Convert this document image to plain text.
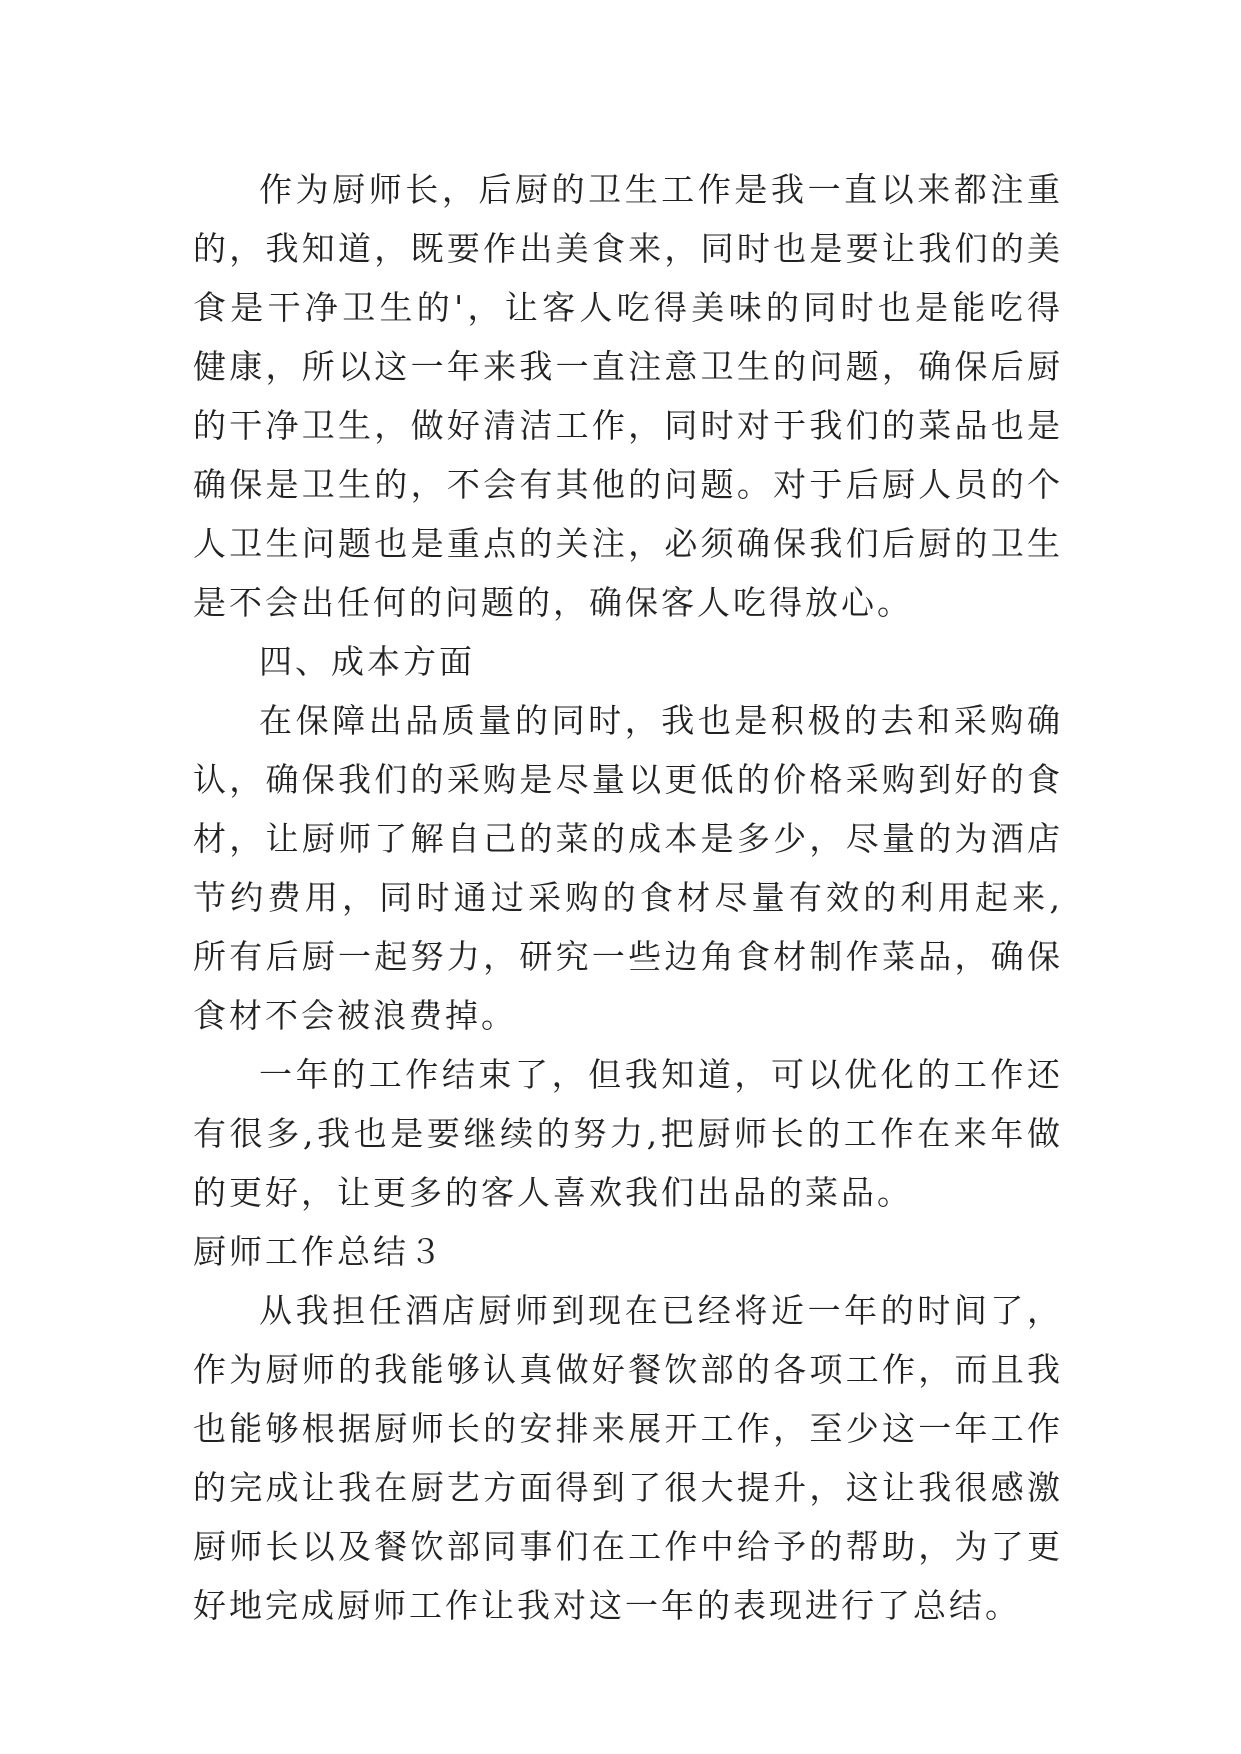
作为厨师长，后厨的卫生工作是我一直以来都注重的，我知道，既要作出美食来，同时也是要让我们的美食是干净卫生的'，让客人吃得美味的同时也是能吃得健康，所以这一年来我一直注意卫生的问题，确保后厨的干净卫生，做好清洁工作，同时对于我们的菜品也是确保是卫生的，不会有其他的问题。对于后厨人员的个人卫生问题也是重点的关注，必须确保我们后厨的卫生是不会出任何的问题的，确保客人吃得放心。

四、成本方面

在保障出品质量的同时，我也是积极的去和采购确认，确保我们的采购是尽量以更低的价格采购到好的食材，让厨师了解自己的菜的成本是多少，尽量的为酒店节约费用，同时通过采购的食材尽量有效的利用起来,所有后厨一起努力，研究一些边角食材制作菜品，确保食材不会被浪费掉。

一年的工作结束了，但我知道，可以优化的工作还有很多,我也是要继续的努力,把厨师长的工作在来年做的更好，让更多的客人喜欢我们出品的菜品。

厨师工作总结３

从我担任酒店厨师到现在已经将近一年的时间了，作为厨师的我能够认真做好餐饮部的各项工作，而且我也能够根据厨师长的安排来展开工作，至少这一年工作的完成让我在厨艺方面得到了很大提升，这让我很感激厨师长以及餐饮部同事们在工作中给予的帮助，为了更好地完成厨师工作让我对这一年的表现进行了总结。
